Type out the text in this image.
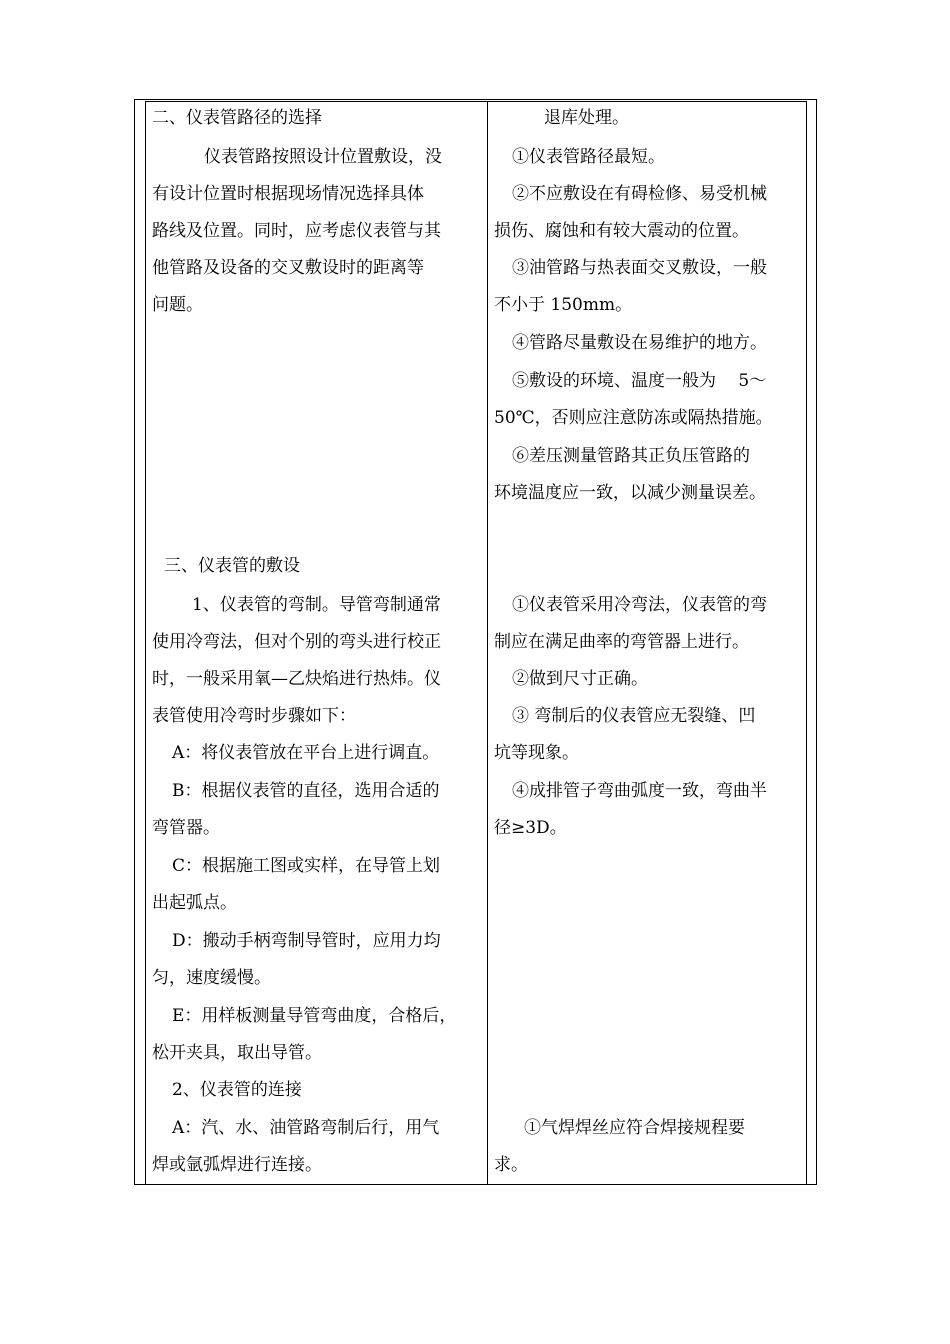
二、仪表管路径的选择
仪表管路按照设计位置敷设，没
有设计位置时根据现场情况选择具体
路线及位置。同时，应考虑仪表管与其
他管路及设备的交叉敷设时的距离等
问题。
三、仪表管的敷设
1、仪表管的弯制。导管弯制通常
使用冷弯法，但对个别的弯头进行校正
时，一般采用氧—乙炔焰进行热炜。仪
表管使用冷弯时步骤如下：
A：将仪表管放在平台上进行调直。
B：根据仪表管的直径，选用合适的
弯管器。
C：根据施工图或实样，在导管上划
出起弧点。
D：搬动手柄弯制导管时，应用力均
匀，速度缓慢。
E：用样板测量导管弯曲度，合格后，
松开夹具，取出导管。
2、仪表管的连接
A：汽、水、油管路弯制后行，用气
焊或氩弧焊进行连接。
退库处理。
①仪表管路径最短。
②不应敷设在有碍检修、易受机械
损伤、腐蚀和有较大震动的位置。
③油管路与热表面交叉敷设，一般
不小于 150mm。
④管路尽量敷设在易维护的地方。
⑤敷设的环境、温度一般为　 5～
50℃，否则应注意防冻或隔热措施。
⑥差压测量管路其正负压管路的
环境温度应一致，以减少测量误差。
①仪表管采用冷弯法，仪表管的弯
制应在满足曲率的弯管器上进行。
②做到尺寸正确。
③ 弯制后的仪表管应无裂缝、凹
坑等现象。
④成排管子弯曲弧度一致，弯曲半
径≥3D。
①气焊焊丝应符合焊接规程要
求。
